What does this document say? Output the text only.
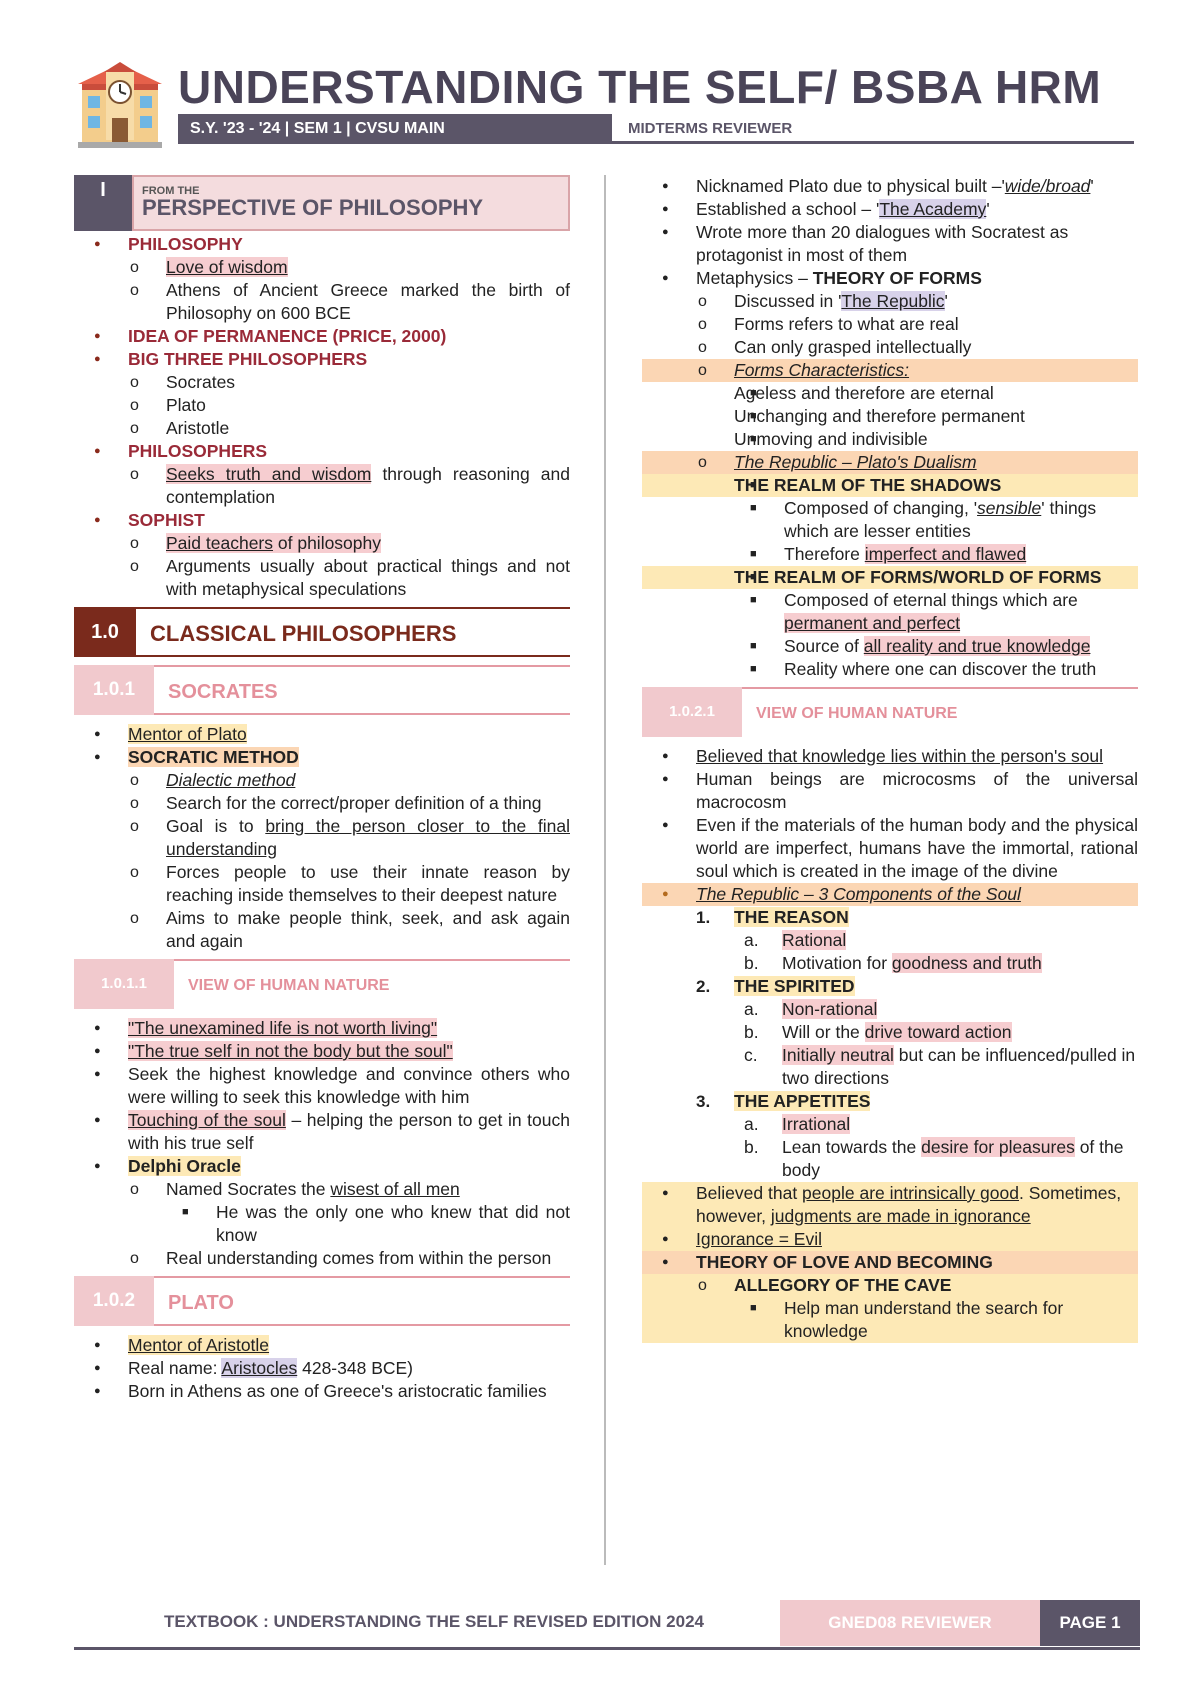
UNDERSTANDING THE SELF/ BSBA HRM
S.Y. '23 - '24 | SEM 1 | CVSU MAIN	MIDTERMS REVIEWER
I	FROM THE
PERSPECTIVE OF PHILOSOPHY
● PHILOSOPHY
o Love of wisdom
o Athens of Ancient Greece marked the birth of Philosophy on 600 BCE
● IDEA OF PERMANENCE (PRICE, 2000)
● BIG THREE PHILOSOPHERS
o Socrates
o Plato
o Aristotle
● PHILOSOPHERS
o Seeks truth and wisdom through reasoning and contemplation
● SOPHIST
o Paid teachers of philosophy
o Arguments usually about practical things and not with metaphysical speculations
1.0	CLASSICAL PHILOSOPHERS
1.0.1	SOCRATES
● Mentor of Plato
● SOCRATIC METHOD
o Dialectic method
o Search for the correct/proper definition of a thing
o Goal is to bring the person closer to the final understanding
o Forces people to use their innate reason by reaching inside themselves to their deepest nature
o Aims to make people think, seek, and ask again and again
1.0.1.1	VIEW OF HUMAN NATURE
● "The unexamined life is not worth living"
● "The true self in not the body but the soul"
● Seek the highest knowledge and convince others who were willing to seek this knowledge with him
● Touching of the soul – helping the person to get in touch with his true self
● Delphi Oracle
o Named Socrates the wisest of all men
■ He was the only one who knew that did not know
o Real understanding comes from within the person
1.0.2	PLATO
● Mentor of Aristotle
● Real name: Aristocles 428-348 BCE)
● Born in Athens as one of Greece's aristocratic families
● Nicknamed Plato due to physical built –'wide/broad'
● Established a school – 'The Academy'
● Wrote more than 20 dialogues with Socratest as protagonist in most of them
● Metaphysics – THEORY OF FORMS
o Discussed in 'The Republic'
o Forms refers to what are real
o Can only grasped intellectually
o Forms Characteristics:
■ Ageless and therefore are eternal
■ Unchanging and therefore permanent
■ Unmoving and indivisible
o The Republic – Plato's Dualism
■ THE REALM OF THE SHADOWS
■ Composed of changing, 'sensible' things which are lesser entities
■ Therefore imperfect and flawed
■ THE REALM OF FORMS/WORLD OF FORMS
■ Composed of eternal things which are permanent and perfect
■ Source of all reality and true knowledge
■ Reality where one can discover the truth
1.0.2.1	VIEW OF HUMAN NATURE
● Believed that knowledge lies within the person's soul
● Human beings are microcosms of the universal macrocosm
● Even if the materials of the human body and the physical world are imperfect, humans have the immortal, rational soul which is created in the image of the divine
● The Republic – 3 Components of the Soul
1. THE REASON
a. Rational
b. Motivation for goodness and truth
2. THE SPIRITED
a. Non-rational
b. Will or the drive toward action
c. Initially neutral but can be influenced/pulled in two directions
3. THE APPETITES
a. Irrational
b. Lean towards the desire for pleasures of the body
● Believed that people are intrinsically good. Sometimes, however, judgments are made in ignorance
● Ignorance = Evil
● THEORY OF LOVE AND BECOMING
o ALLEGORY OF THE CAVE
■ Help man understand the search for knowledge
TEXTBOOK : UNDERSTANDING THE SELF REVISED EDITION 2024	GNED08 REVIEWER	PAGE 1
